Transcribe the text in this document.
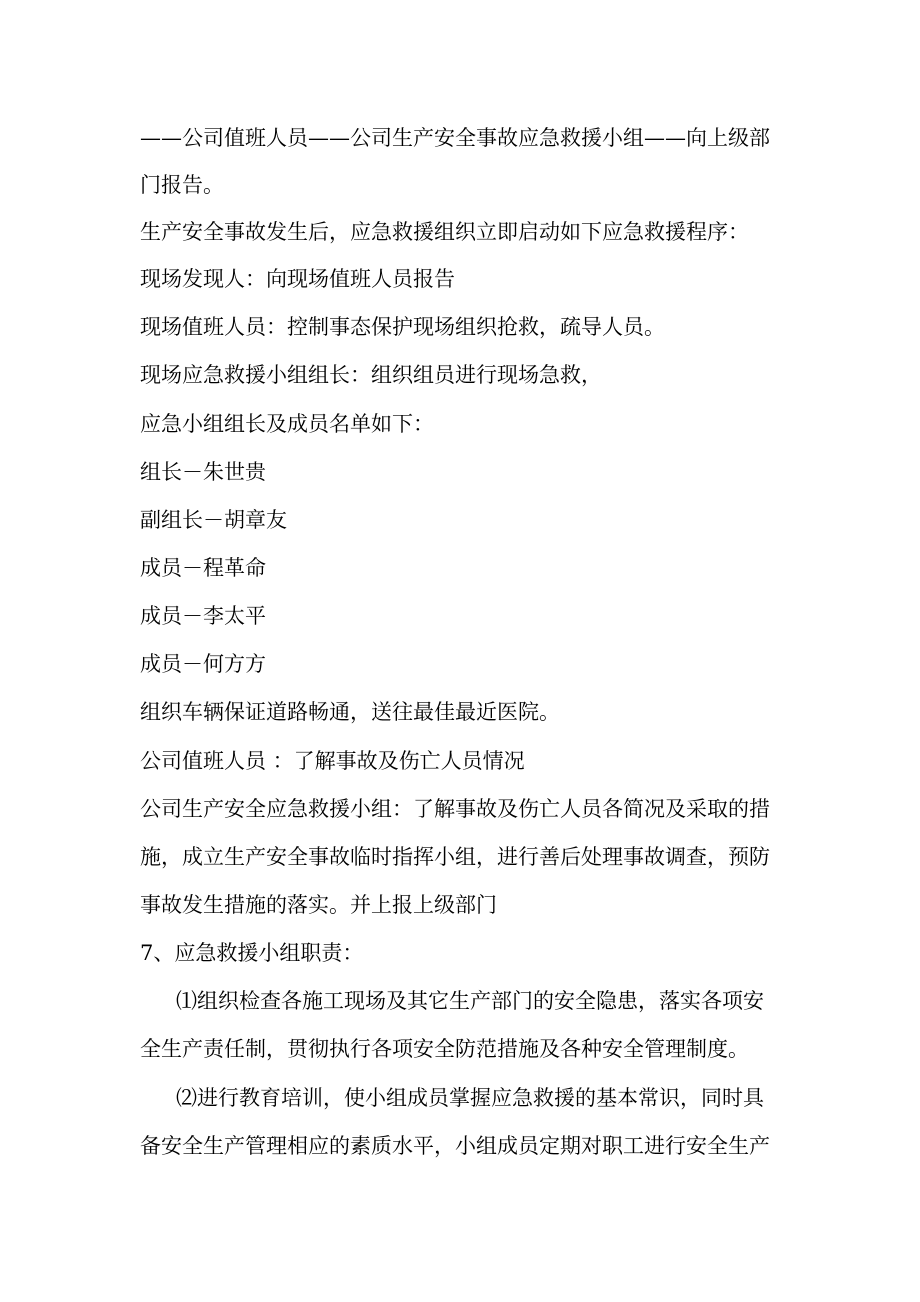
——公司值班人员——公司生产安全事故应急救援小组——向上级部

门报告。

生产安全事故发生后，应急救援组织立即启动如下应急救援程序：

现场发现人：向现场值班人员报告

现场值班人员：控制事态保护现场组织抢救，疏导人员。

现场应急救援小组组长：组织组员进行现场急救，

应急小组组长及成员名单如下：

组长－朱世贵

副组长－胡章友

成员－程革命

成员－李太平

成员－何方方

组织车辆保证道路畅通，送往最佳最近医院。

公司值班人员 ：了解事故及伤亡人员情况

公司生产安全应急救援小组：了解事故及伤亡人员各简况及采取的措

施，成立生产安全事故临时指挥小组，进行善后处理事故调查，预防

事故发生措施的落实。并上报上级部门

7、应急救援小组职责：

⑴组织检查各施工现场及其它生产部门的安全隐患，落实各项安

全生产责任制，贯彻执行各项安全防范措施及各种安全管理制度。

⑵进行教育培训，使小组成员掌握应急救援的基本常识，同时具

备安全生产管理相应的素质水平，小组成员定期对职工进行安全生产
